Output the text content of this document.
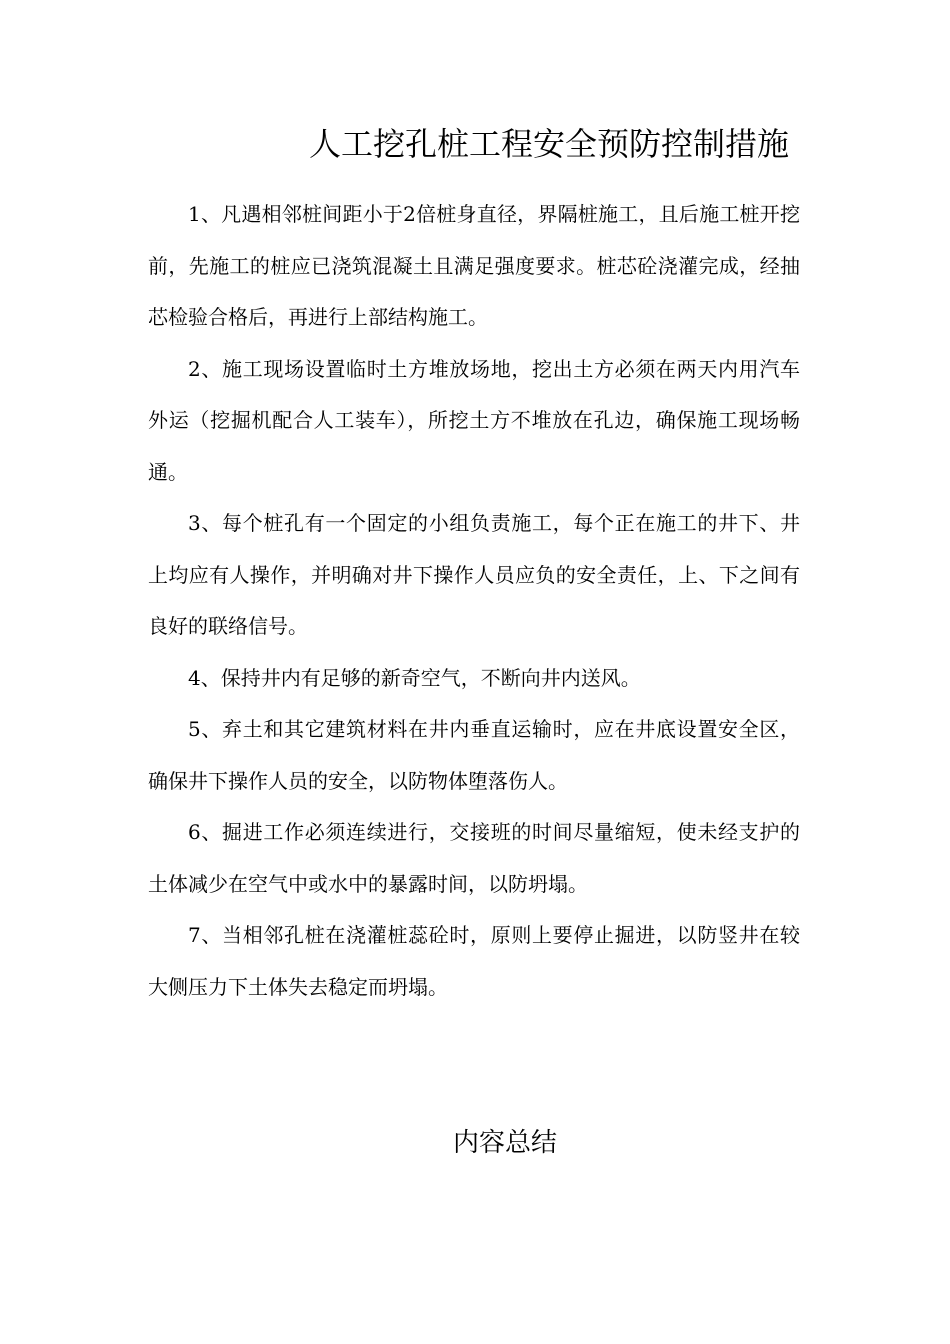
人工挖孔桩工程安全预防控制措施

1、凡遇相邻桩间距小于2倍桩身直径，界隔桩施工，且后施工桩开挖前，先施工的桩应已浇筑混凝土且满足强度要求。桩芯砼浇灌完成，经抽芯检验合格后，再进行上部结构施工。

2、施工现场设置临时土方堆放场地，挖出土方必须在两天内用汽车外运（挖掘机配合人工装车），所挖土方不堆放在孔边，确保施工现场畅通。

3、每个桩孔有一个固定的小组负责施工，每个正在施工的井下、井上均应有人操作，并明确对井下操作人员应负的安全责任，上、下之间有良好的联络信号。

4、保持井内有足够的新奇空气，不断向井内送风。

5、弃土和其它建筑材料在井内垂直运输时，应在井底设置安全区，确保井下操作人员的安全，以防物体堕落伤人。

6、掘进工作必须连续进行，交接班的时间尽量缩短，使未经支护的土体减少在空气中或水中的暴露时间，以防坍塌。

7、当相邻孔桩在浇灌桩蕊砼时，原则上要停止掘进，以防竖井在较大侧压力下土体失去稳定而坍塌。

内容总结
